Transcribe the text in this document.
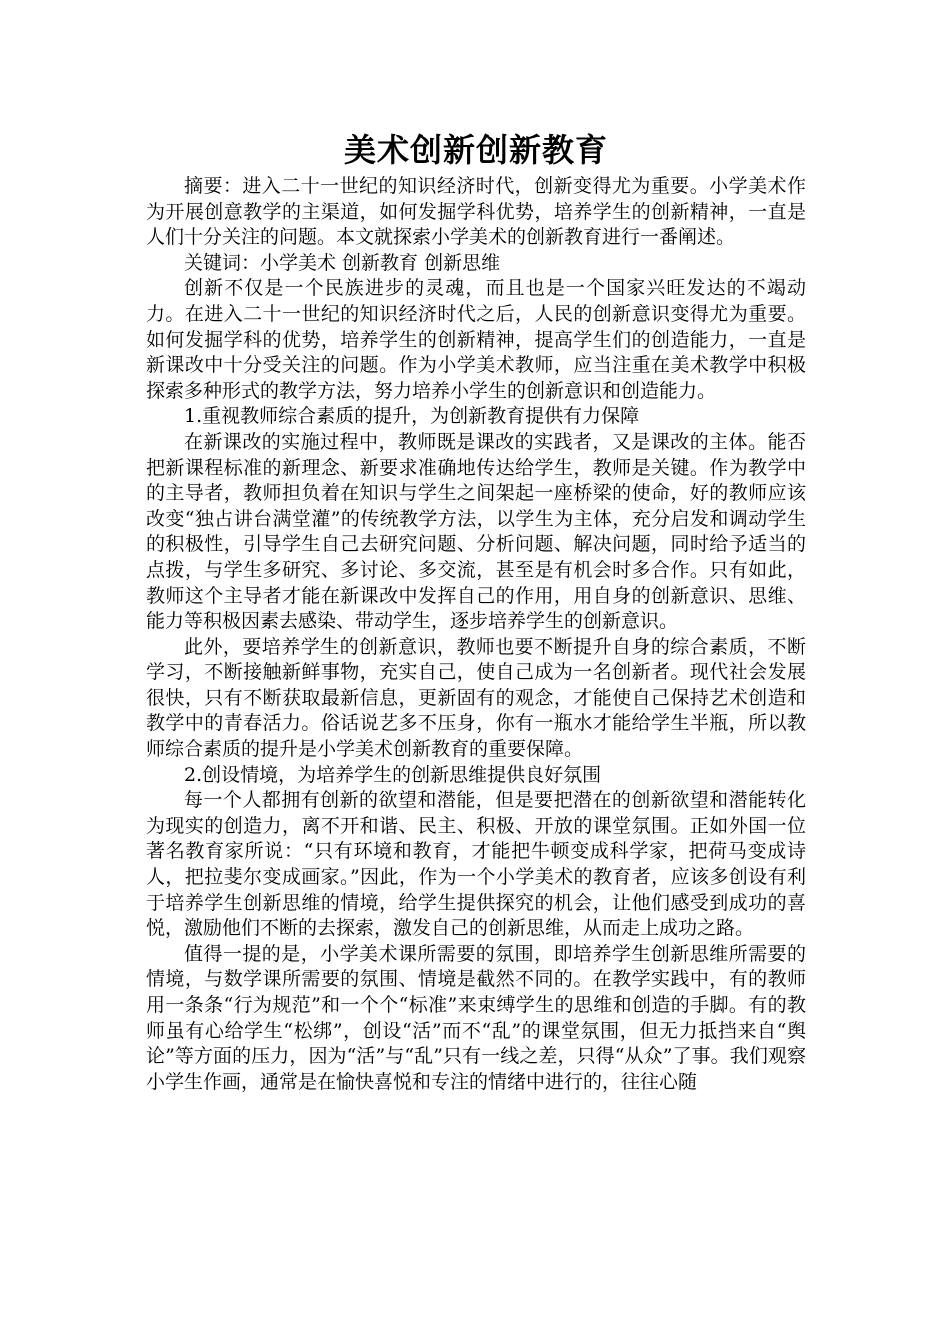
美术创新创新教育

摘要：进入二十一世纪的知识经济时代，创新变得尤为重要。小学美术作为开展创意教学的主渠道，如何发掘学科优势，培养学生的创新精神，一直是人们十分关注的问题。本文就探索小学美术的创新教育进行一番阐述。

关键词：小学美术 创新教育 创新思维

创新不仅是一个民族进步的灵魂，而且也是一个国家兴旺发达的不竭动力。在进入二十一世纪的知识经济时代之后，人民的创新意识变得尤为重要。如何发掘学科的优势，培养学生的创新精神，提高学生们的创造能力，一直是新课改中十分受关注的问题。作为小学美术教师，应当注重在美术教学中积极探索多种形式的教学方法，努力培养小学生的创新意识和创造能力。

1.重视教师综合素质的提升，为创新教育提供有力保障

在新课改的实施过程中，教师既是课改的实践者，又是课改的主体。能否把新课程标准的新理念、新要求准确地传达给学生，教师是关键。作为教学中的主导者，教师担负着在知识与学生之间架起一座桥梁的使命，好的教师应该改变“独占讲台满堂灌”的传统教学方法，以学生为主体，充分启发和调动学生的积极性，引导学生自己去研究问题、分析问题、解决问题，同时给予适当的点拨，与学生多研究、多讨论、多交流，甚至是有机会时多合作。只有如此，教师这个主导者才能在新课改中发挥自己的作用，用自身的创新意识、思维、能力等积极因素去感染、带动学生，逐步培养学生的创新意识。

此外，要培养学生的创新意识，教师也要不断提升自身的综合素质，不断学习，不断接触新鲜事物，充实自己，使自己成为一名创新者。现代社会发展很快，只有不断获取最新信息，更新固有的观念，才能使自己保持艺术创造和教学中的青春活力。俗话说艺多不压身，你有一瓶水才能给学生半瓶，所以教师综合素质的提升是小学美术创新教育的重要保障。

2.创设情境，为培养学生的创新思维提供良好氛围

每一个人都拥有创新的欲望和潜能，但是要把潜在的创新欲望和潜能转化为现实的创造力，离不开和谐、民主、积极、开放的课堂氛围。正如外国一位著名教育家所说：“只有环境和教育，才能把牛顿变成科学家，把荷马变成诗人，把拉斐尔变成画家。”因此，作为一个小学美术的教育者，应该多创设有利于培养学生创新思维的情境，给学生提供探究的机会，让他们感受到成功的喜悦，激励他们不断的去探索，激发自己的创新思维，从而走上成功之路。

值得一提的是，小学美术课所需要的氛围，即培养学生创新思维所需要的情境，与数学课所需要的氛围、情境是截然不同的。在教学实践中，有的教师用一条条“行为规范”和一个个“标准”来束缚学生的思维和创造的手脚。有的教师虽有心给学生“松绑”，创设“活”而不“乱”的课堂氛围，但无力抵挡来自“舆论”等方面的压力，因为“活”与“乱”只有一线之差，只得“从众”了事。我们观察小学生作画，通常是在愉快喜悦和专注的情绪中进行的，往往心随
